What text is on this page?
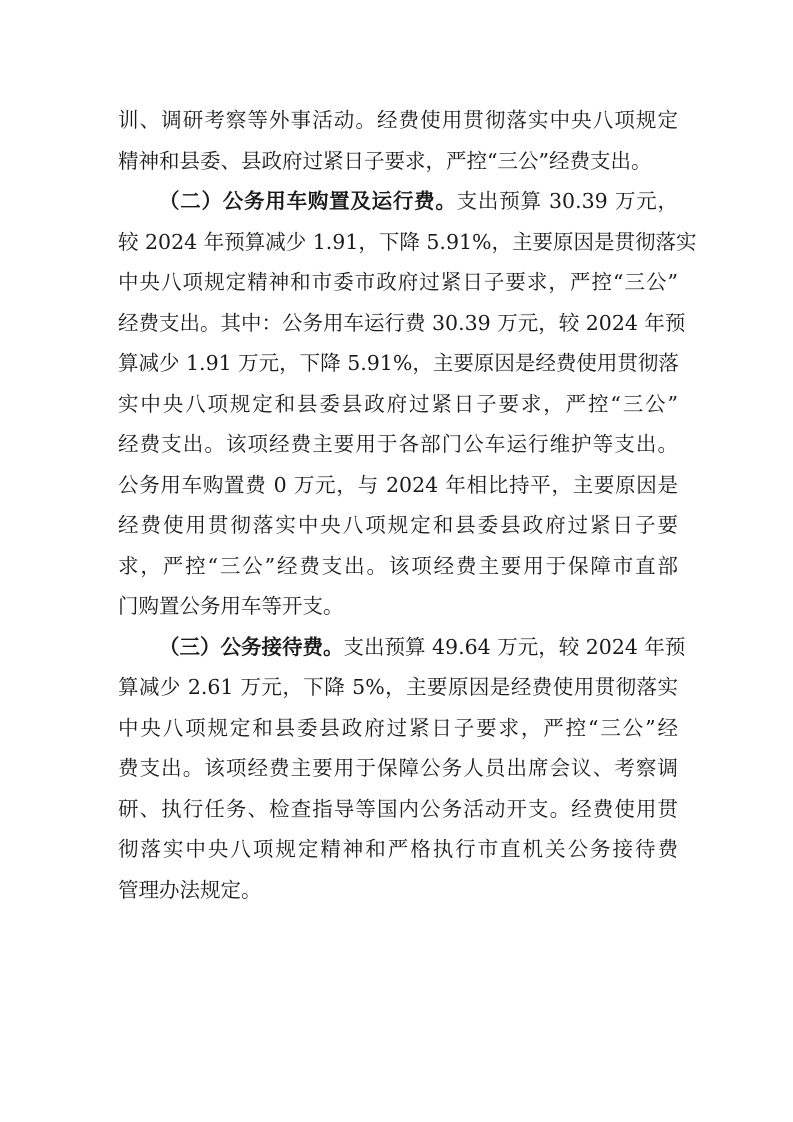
训、调研考察等外事活动。经费使用贯彻落实中央八项规定
精神和县委、县政府过紧日子要求，严控“三公”经费支出。
（二）公务用车购置及运行费。支出预算 30.39 万元，
较 2024 年预算减少 1.91，下降 5.91%，主要原因是贯彻落实
中央八项规定精神和市委市政府过紧日子要求，严控“三公”
经费支出。其中：公务用车运行费 30.39 万元，较 2024 年预
算减少 1.91 万元，下降 5.91%，主要原因是经费使用贯彻落
实中央八项规定和县委县政府过紧日子要求，严控“三公”
经费支出。该项经费主要用于各部门公车运行维护等支出。
公务用车购置费 0 万元，与 2024 年相比持平，主要原因是
经费使用贯彻落实中央八项规定和县委县政府过紧日子要
求，严控“三公”经费支出。该项经费主要用于保障市直部
门购置公务用车等开支。
（三）公务接待费。支出预算 49.64 万元，较 2024 年预
算减少 2.61 万元，下降 5%，主要原因是经费使用贯彻落实
中央八项规定和县委县政府过紧日子要求，严控“三公”经
费支出。该项经费主要用于保障公务人员出席会议、考察调
研、执行任务、检查指导等国内公务活动开支。经费使用贯
彻落实中央八项规定精神和严格执行市直机关公务接待费
管理办法规定。
